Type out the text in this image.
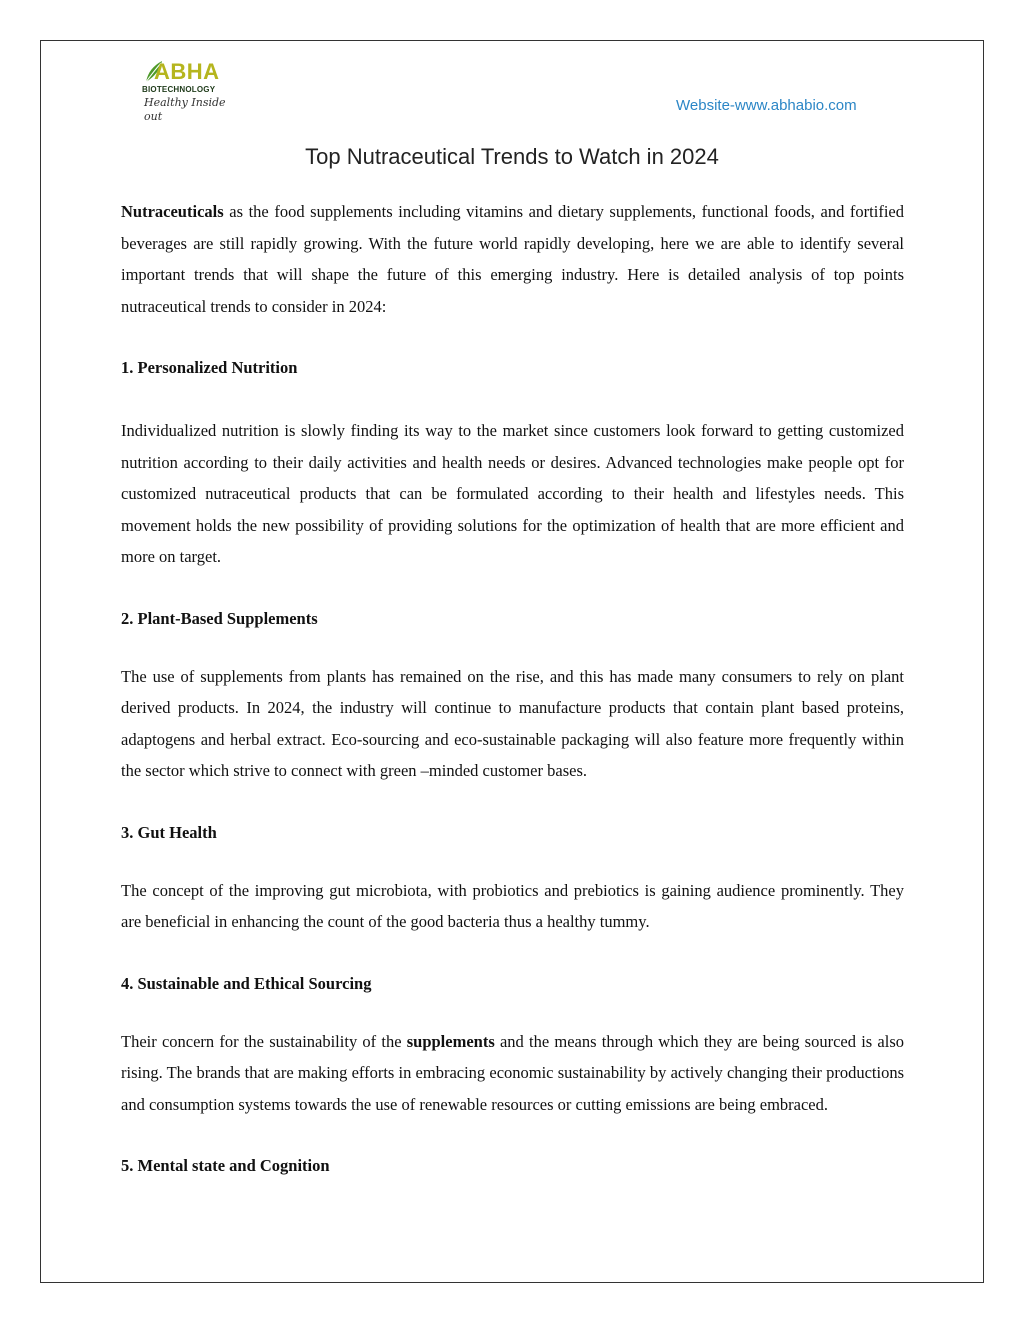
ABHA
BIOTECHNOLOGY
Healthy Inside out
Website-www.abhabio.com
Top Nutraceutical Trends to Watch in 2024

Nutraceuticals as the food supplements including vitamins and dietary supplements, functional foods, and fortified beverages are still rapidly growing. With the future world rapidly developing, here we are able to identify several important trends that will shape the future of this emerging industry. Here is detailed analysis of top points nutraceutical trends to consider in 2024:

1. Personalized Nutrition

Individualized nutrition is slowly finding its way to the market since customers look forward to getting customized nutrition according to their daily activities and health needs or desires. Advanced technologies make people opt for customized nutraceutical products that can be formulated according to their health and lifestyles needs. This movement holds the new possibility of providing solutions for the optimization of health that are more efficient and more on target.

2. Plant-Based Supplements

The use of supplements from plants has remained on the rise, and this has made many consumers to rely on plant derived products. In 2024, the industry will continue to manufacture products that contain plant based proteins, adaptogens and herbal extract. Eco-sourcing and eco-sustainable packaging will also feature more frequently within the sector which strive to connect with green –minded customer bases.

3. Gut Health

The concept of the improving gut microbiota, with probiotics and prebiotics is gaining audience prominently. They are beneficial in enhancing the count of the good bacteria thus a healthy tummy.

4. Sustainable and Ethical Sourcing

Their concern for the sustainability of the supplements and the means through which they are being sourced is also rising. The brands that are making efforts in embracing economic sustainability by actively changing their productions and consumption systems towards the use of renewable resources or cutting emissions are being embraced.

5. Mental state and Cognition
